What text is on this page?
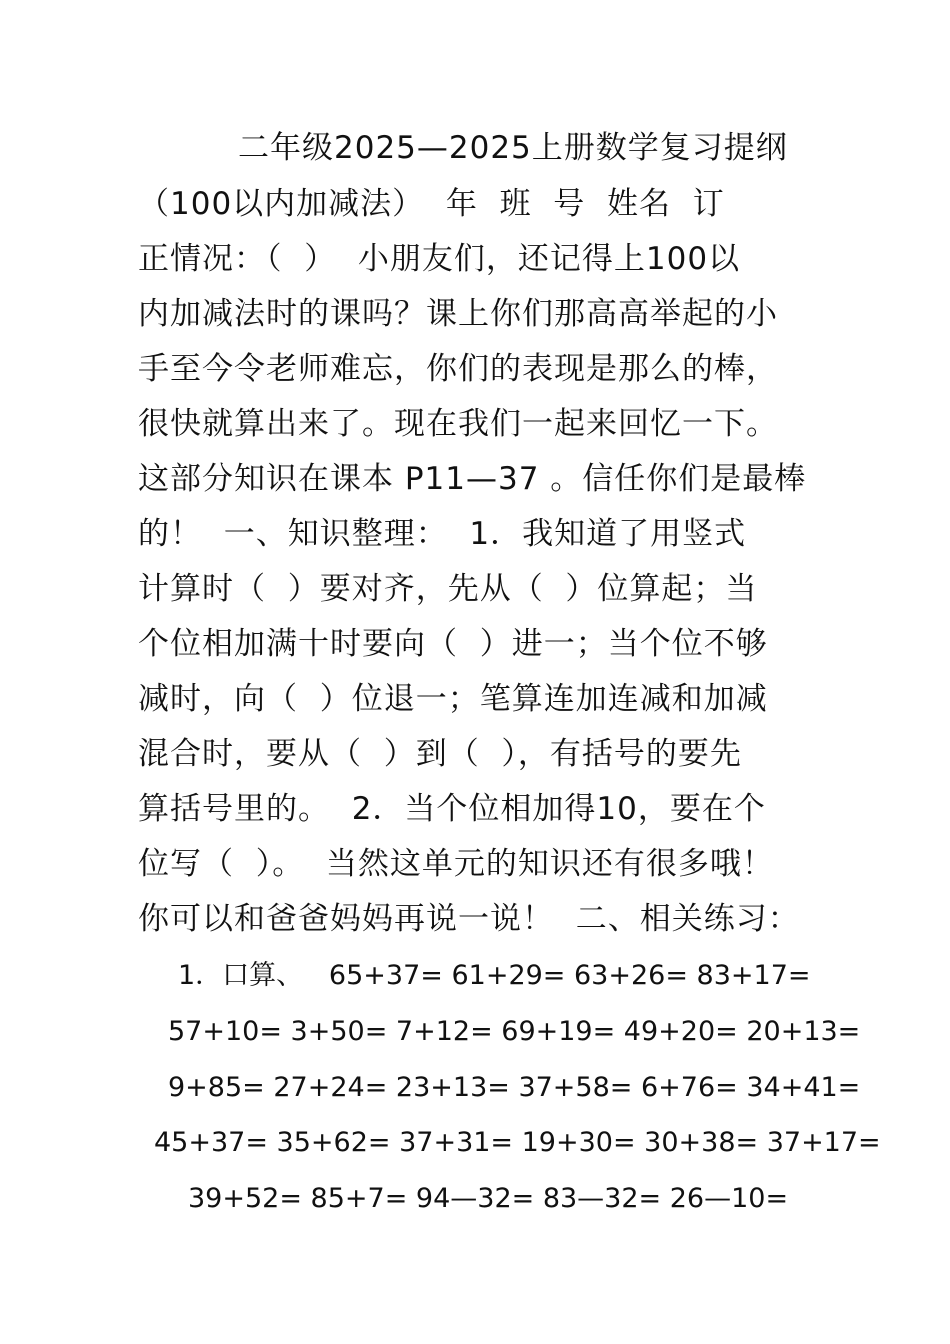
二年级2025—2025上册数学复习提纲
（100以内加减法）  年  班  号  姓名  订
正情况：（  ）  小朋友们，还记得上100以
内加减法时的课吗？课上你们那高高举起的小
手至今令老师难忘，你们的表现是那么的棒，
很快就算出来了。现在我们一起来回忆一下。
这部分知识在课本 P11—37 。信任你们是最棒
的！  一、知识整理：  1．我知道了用竖式
计算时（  ）要对齐，先从（  ）位算起；当
个位相加满十时要向（  ）进一；当个位不够
减时，向（  ）位退一；笔算连加连减和加减
混合时，要从（  ）到（  ），有括号的要先
算括号里的。  2．当个位相加得10，要在个
位写（  ）。  当然这单元的知识还有很多哦！
你可以和爸爸妈妈再说一说！  二、相关练习：
1．口算、   65+37= 61+29= 63+26= 83+17=
57+10= 3+50= 7+12= 69+19= 49+20= 20+13=
9+85= 27+24= 23+13= 37+58= 6+76= 34+41=
45+37= 35+62= 37+31= 19+30= 30+38= 37+17=
39+52= 85+7= 94—32= 83—32= 26—10=
